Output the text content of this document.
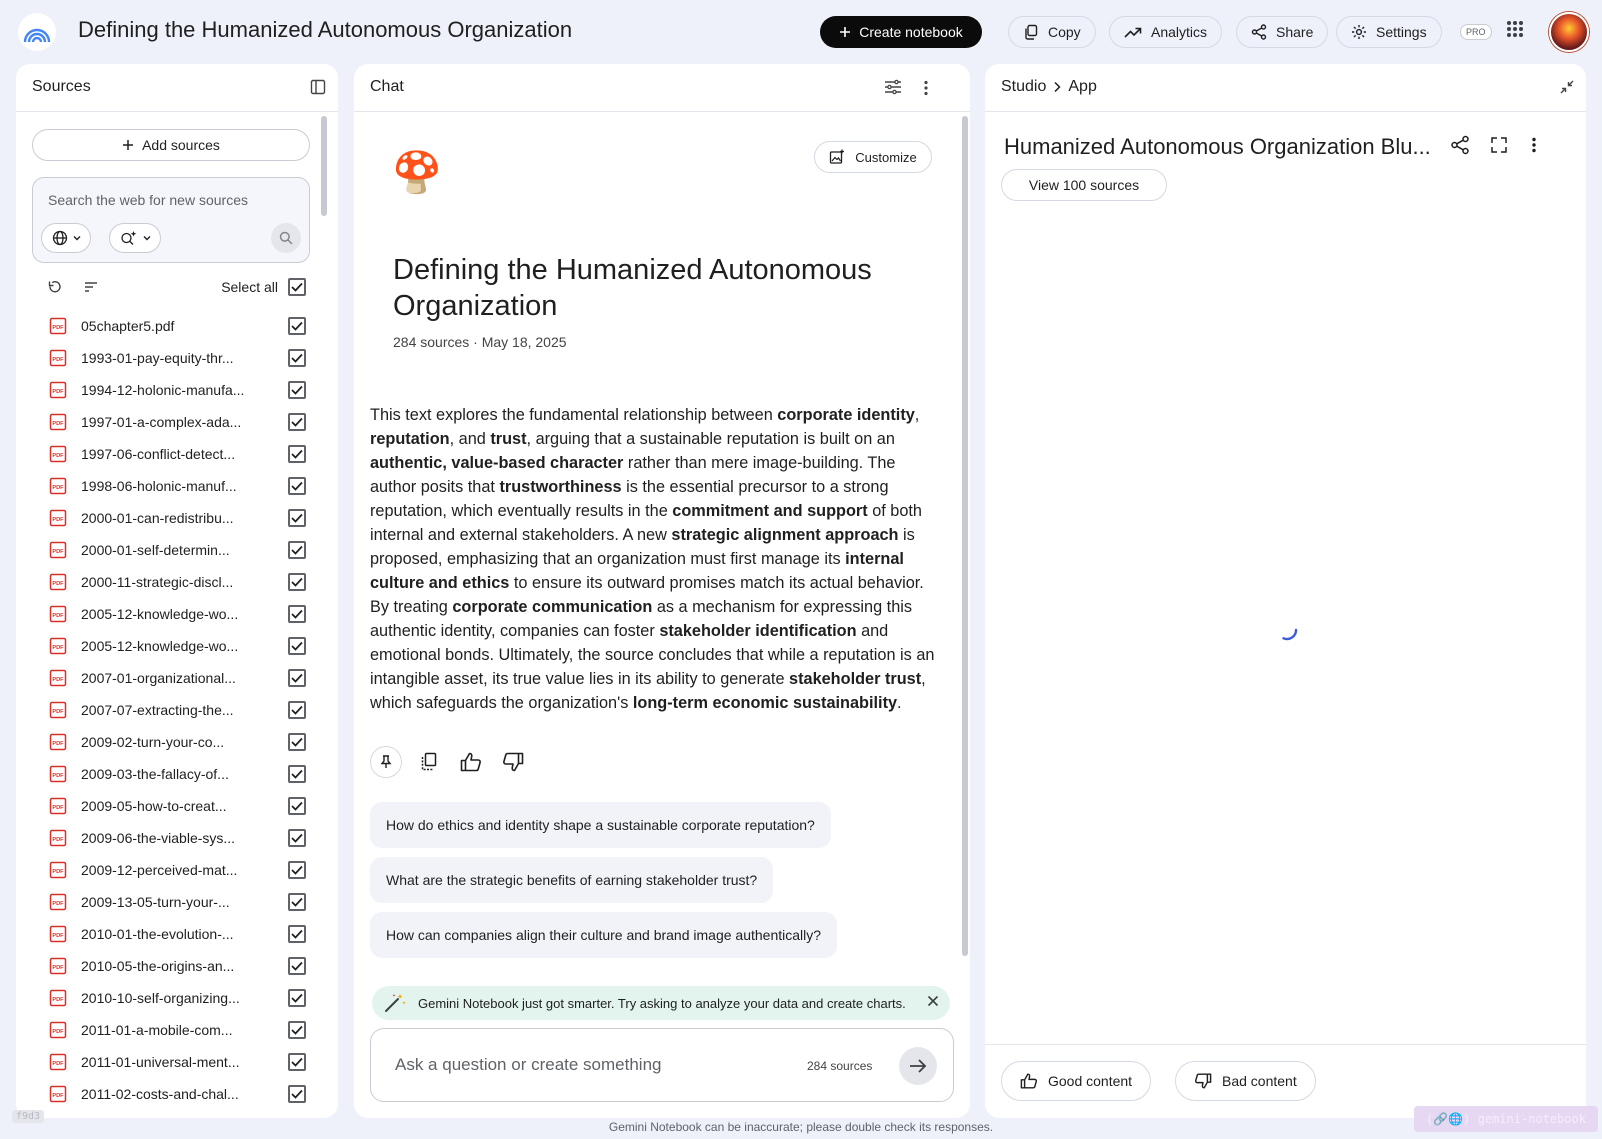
Defining the Humanized Autonomous Organization	Create notebook	Copy	Analytics	Share	Settings	PRO
Sources
Add sources
Search the web for new sources
Select all
PDF 05chapter5.pdf
PDF 1993-01-pay-equity-thr...
PDF 1994-12-holonic-manufa...
PDF 1997-01-a-complex-ada...
PDF 1997-06-conflict-detect...
PDF 1998-06-holonic-manuf...
PDF 2000-01-can-redistribu...
PDF 2000-01-self-determin...
PDF 2000-11-strategic-discl...
PDF 2005-12-knowledge-wo...
PDF 2005-12-knowledge-wo...
PDF 2007-01-organizational...
PDF 2007-07-extracting-the...
PDF 2009-02-turn-your-co...
PDF 2009-03-the-fallacy-of...
PDF 2009-05-how-to-creat...
PDF 2009-06-the-viable-sys...
PDF 2009-12-perceived-mat...
PDF 2009-13-05-turn-your-...
PDF 2010-01-the-evolution-...
PDF 2010-05-the-origins-an...
PDF 2010-10-self-organizing...
PDF 2011-01-a-mobile-com...
PDF 2011-01-universal-ment...
PDF 2011-02-costs-and-chal...
Chat
🍄	Customize
Defining the Humanized Autonomous Organization
284 sources · May 18, 2025
This text explores the fundamental relationship between corporate identity, reputation, and trust, arguing that a sustainable reputation is built on an authentic, value-based character rather than mere image-building. The author posits that trustworthiness is the essential precursor to a strong reputation, which eventually results in the commitment and support of both internal and external stakeholders. A new strategic alignment approach is proposed, emphasizing that an organization must first manage its internal culture and ethics to ensure its outward promises match its actual behavior. By treating corporate communication as a mechanism for expressing this authentic identity, companies can foster stakeholder identification and emotional bonds. Ultimately, the source concludes that while a reputation is an intangible asset, its true value lies in its ability to generate stakeholder trust, which safeguards the organization's long-term economic sustainability.
How do ethics and identity shape a sustainable corporate reputation?
What are the strategic benefits of earning stakeholder trust?
How can companies align their culture and brand image authentically?
Gemini Notebook just got smarter. Try asking to analyze your data and create charts.
Ask a question or create something
284 sources
Studio App
Humanized Autonomous Organization Blu...
View 100 sources
Good content	Bad content
Gemini Notebook can be inaccurate; please double check its responses.
f9d3	(🔗🌐) gemini-notebook
